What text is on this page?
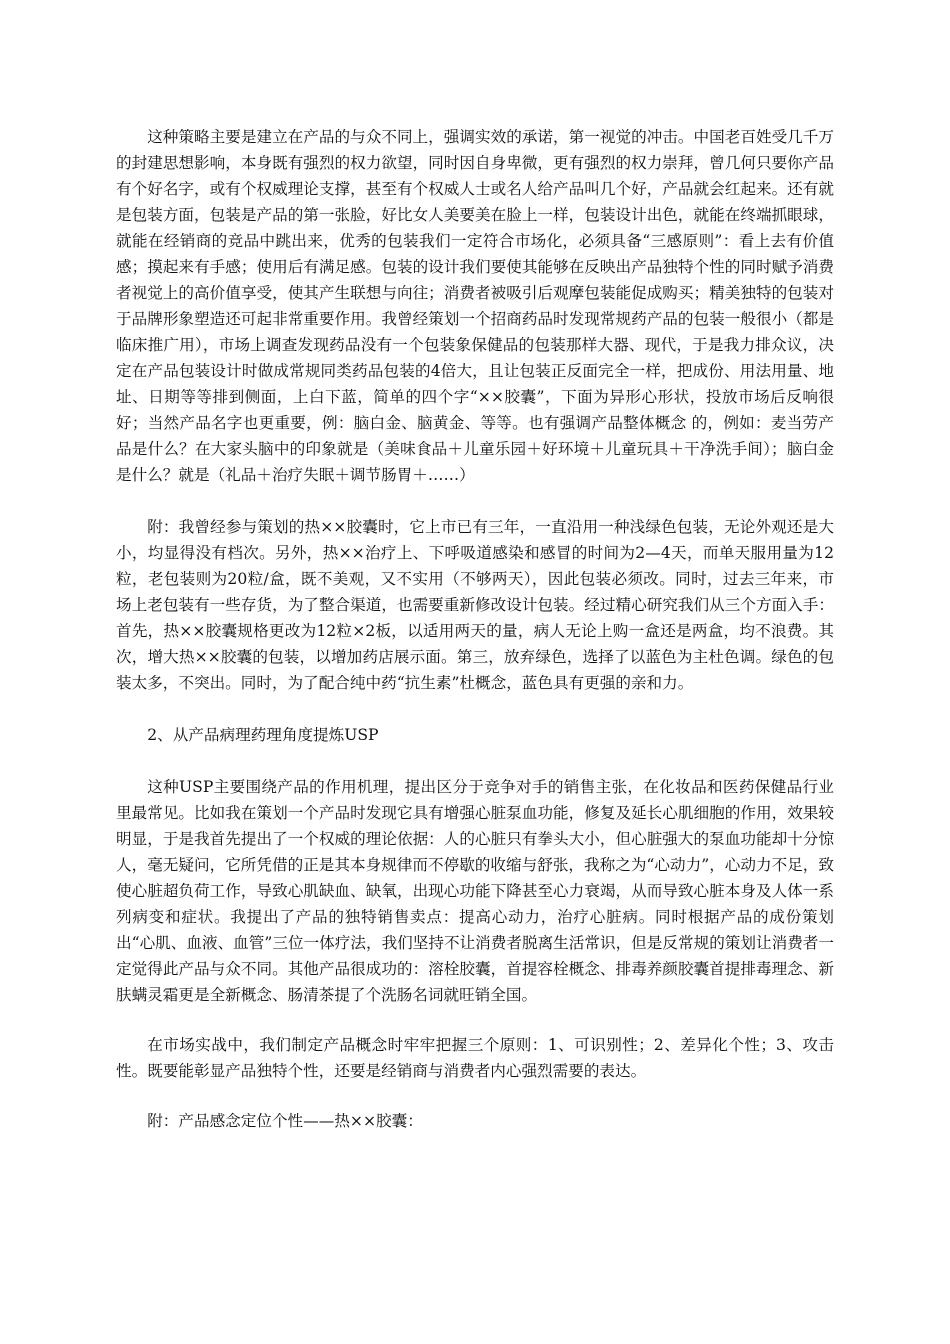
这种策略主要是建立在产品的与众不同上，强调实效的承诺，第一视觉的冲击。中国老百姓受几千万的封建思想影响，本身既有强烈的权力欲望，同时因自身卑微，更有强烈的权力崇拜，曾几何只要你产品有个好名字，或有个权威理论支撑，甚至有个权威人士或名人给产品叫几个好，产品就会红起来。还有就是包装方面，包装是产品的第一张脸，好比女人美要美在脸上一样，包装设计出色，就能在终端抓眼球，就能在经销商的竞品中跳出来，优秀的包装我们一定符合市场化，必须具备“三感原则”：看上去有价值感；摸起来有手感；使用后有满足感。包装的设计我们要使其能够在反映出产品独特个性的同时赋予消费者视觉上的高价值享受，使其产生联想与向往；消费者被吸引后观摩包装能促成购买；精美独特的包装对于品牌形象塑造还可起非常重要作用。我曾经策划一个招商药品时发现常规药产品的包装一般很小（都是临床推广用），市场上调查发现药品没有一个包装象保健品的包装那样大器、现代，于是我力排众议，决定在产品包装设计时做成常规同类药品包装的4倍大，且让包装正反面完全一样，把成份、用法用量、地址、日期等等排到侧面，上白下蓝，简单的四个字“××胶囊”，下面为异形心形状，投放市场后反响很好；当然产品名字也更重要，例：脑白金、脑黄金、等等。也有强调产品整体概念 的，例如：麦当劳产品是什么？在大家头脑中的印象就是（美味食品＋儿童乐园＋好环境＋儿童玩具＋干净洗手间）；脑白金是什么？就是（礼品＋治疗失眠＋调节肠胃＋……）

附：我曾经参与策划的热××胶囊时，它上市已有三年，一直沿用一种浅绿色包装，无论外观还是大小，均显得没有档次。另外，热××治疗上、下呼吸道感染和感冒的时间为2—4天，而单天服用量为12粒，老包装则为20粒/盒，既不美观，又不实用（不够两天），因此包装必须改。同时，过去三年来，市场上老包装有一些存货，为了整合渠道，也需要重新修改设计包装。经过精心研究我们从三个方面入手：首先，热××胶囊规格更改为12粒×2板，以适用两天的量，病人无论上购一盒还是两盒，均不浪费。其次，增大热××胶囊的包装，以增加药店展示面。第三，放弃绿色，选择了以蓝色为主杜色调。绿色的包装太多，不突出。同时，为了配合纯中药“抗生素”杜概念，蓝色具有更强的亲和力。

2、从产品病理药理角度提炼USP

这种USP主要围绕产品的作用机理，提出区分于竞争对手的销售主张，在化妆品和医药保健品行业里最常见。比如我在策划一个产品时发现它具有增强心脏泵血功能，修复及延长心肌细胞的作用，效果较明显，于是我首先提出了一个权威的理论依据：人的心脏只有拳头大小，但心脏强大的泵血功能却十分惊人，毫无疑问，它所凭借的正是其本身规律而不停歇的收缩与舒张，我称之为“心动力”，心动力不足，致使心脏超负荷工作，导致心肌缺血、缺氧，出现心功能下降甚至心力衰竭，从而导致心脏本身及人体一系列病变和症状。我提出了产品的独特销售卖点：提高心动力，治疗心脏病。同时根据产品的成份策划出“心肌、血液、血管”三位一体疗法，我们坚持不让消费者脱离生活常识，但是反常规的策划让消费者一定觉得此产品与众不同。其他产品很成功的：溶栓胶囊，首提容栓概念、排毒养颜胶囊首提排毒理念、新肤螨灵霜更是全新概念、肠清茶提了个洗肠名词就旺销全国。

在市场实战中，我们制定产品概念时牢牢把握三个原则：1、可识别性；2、差异化个性；3、攻击性。既要能彰显产品独特个性，还要是经销商与消费者内心强烈需要的表达。

附：产品感念定位个性——热××胶囊：
